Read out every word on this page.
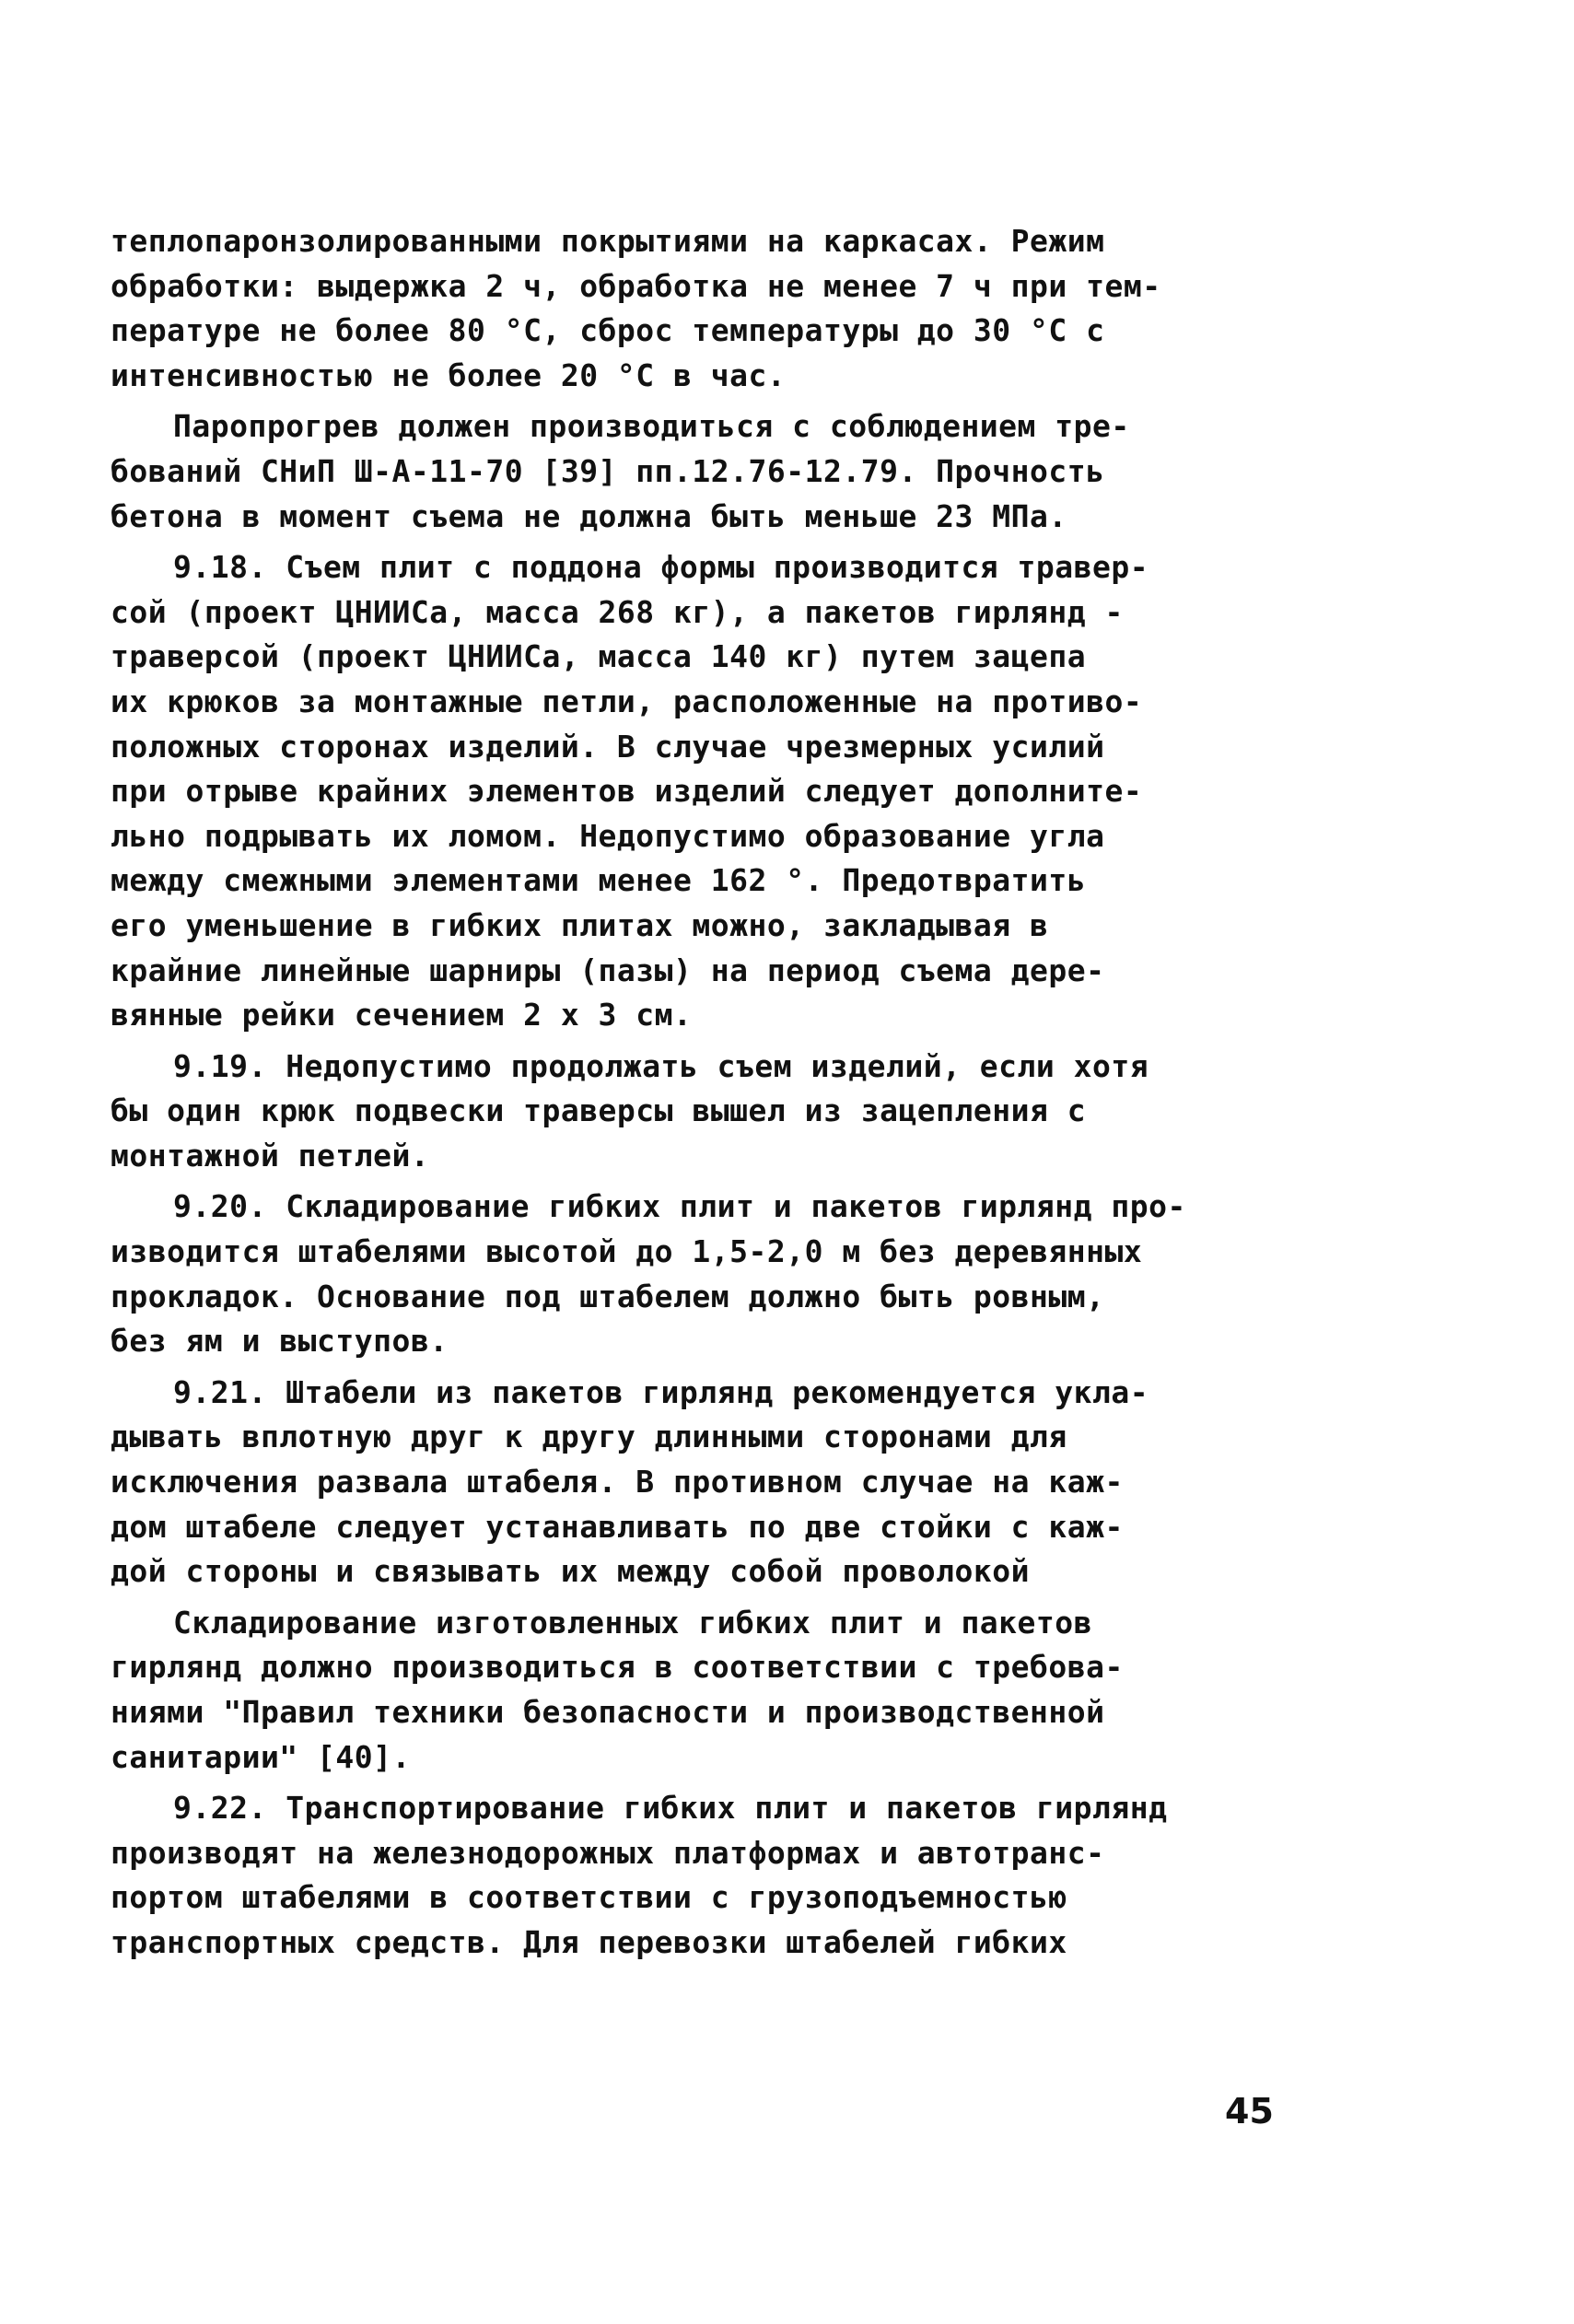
теплопаронзолированными покрытиями на каркасах. Режим
обработки: выдержка 2 ч, обработка не менее 7 ч при тем-
пературе не более 80 °C, сброс температуры до 30 °C с
интенсивностью не более 20 °C в час.

Паропрогрев должен производиться с соблюдением тре-
бований СНиП Ш-А-11-70 [39] пп.12.76-12.79. Прочность
бетона в момент съема не должна быть меньше 23 МПа.

9.18. Съем плит с поддона формы производится травер-
сой (проект ЦНИИСа, масса 268 кг), а пакетов гирлянд -
траверсой (проект ЦНИИСа, масса 140 кг) путем зацепа
их крюков за монтажные петли, расположенные на противо-
положных сторонах изделий. В случае чрезмерных усилий
при отрыве крайних элементов изделий следует дополните-
льно подрывать их ломом. Недопустимо образование угла
между смежными элементами менее 162 °. Предотвратить
его уменьшение в гибких плитах можно, закладывая в
крайние линейные шарниры (пазы) на период съема дере-
вянные рейки сечением 2 х 3 см.

9.19. Недопустимо продолжать съем изделий, если хотя
бы один крюк подвески траверсы вышел из зацепления с
монтажной петлей.

9.20. Складирование гибких плит и пакетов гирлянд про-
изводится штабелями высотой до 1,5-2,0 м без деревянных
прокладок. Основание под штабелем должно быть ровным,
без ям и выступов.

9.21. Штабели из пакетов гирлянд рекомендуется укла-
дывать вплотную друг к другу длинными сторонами для
исключения развала штабеля. В противном случае на каж-
дом штабеле следует устанавливать по две стойки с каж-
дой стороны и связывать их между собой проволокой

Складирование изготовленных гибких плит и пакетов
гирлянд должно производиться в соответствии с требова-
ниями "Правил техники безопасности и производственной
санитарии" [40].

9.22. Транспортирование гибких плит и пакетов гирлянд
производят на железнодорожных платформах и автотранс-
портом штабелями в соответствии с грузоподъемностью
транспортных средств. Для перевозки штабелей гибких

45
